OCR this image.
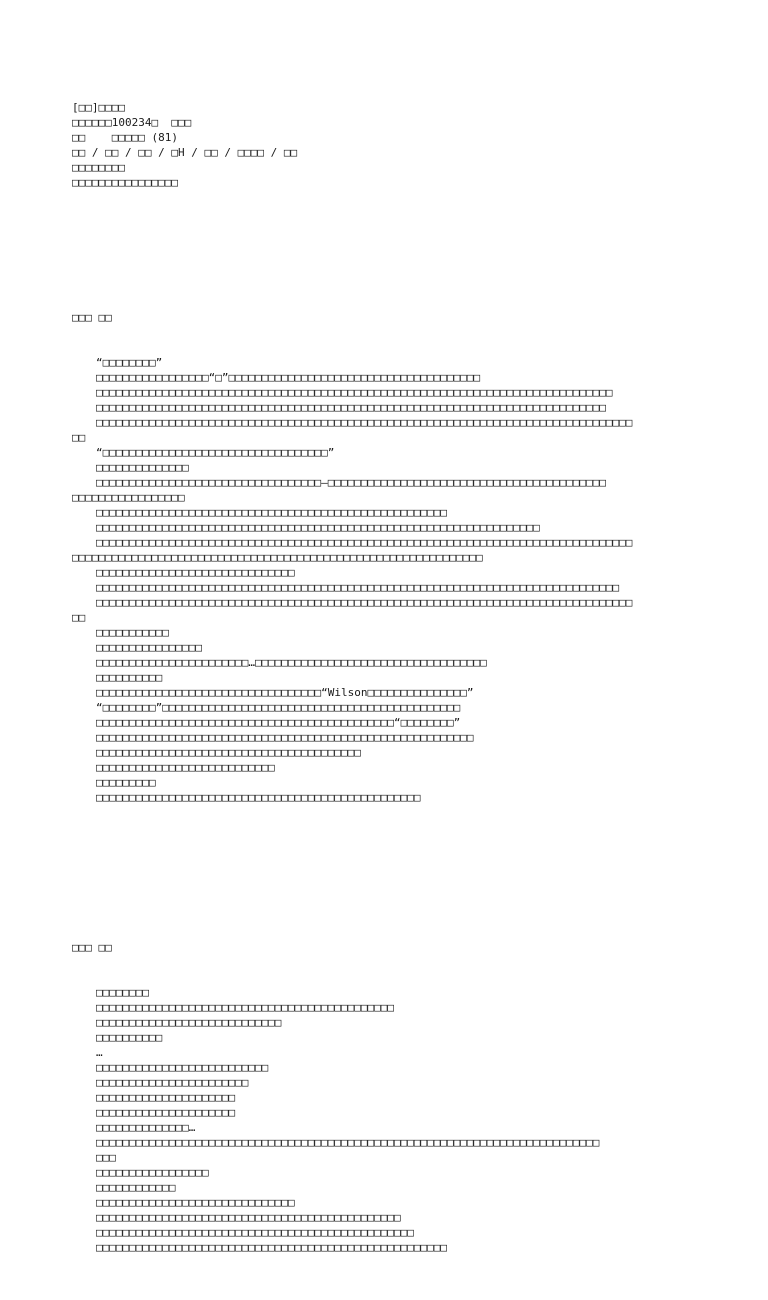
[□□]□□□□
□□□□□□100234□  □□□
□□    □□□□□ (81)
□□ / □□ / □□ / □H / □□ / □□□□ / □□
□□□□□□□□
□□□□□□□□□□□□□□□□

□□□ □□

“□□□□□□□□”
□□□□□□□□□□□□□□□□□“□”□□□□□□□□□□□□□□□□□□□□□□□□□□□□□□□□□□□□□□
□□□□□□□□□□□□□□□□□□□□□□□□□□□□□□□□□□□□□□□□□□□□□□□□□□□□□□□□□□□□□□□□□□□□□□□□□□□□□□
□□□□□□□□□□□□□□□□□□□□□□□□□□□□□□□□□□□□□□□□□□□□□□□□□□□□□□□□□□□□□□□□□□□□□□□□□□□□□
□□□□□□□□□□□□□□□□□□□□□□□□□□□□□□□□□□□□□□□□□□□□□□□□□□□□□□□□□□□□□□□□□□□□□□□□□□□□□□□□□
□□
“□□□□□□□□□□□□□□□□□□□□□□□□□□□□□□□□□□”
□□□□□□□□□□□□□□
□□□□□□□□□□□□□□□□□□□□□□□□□□□□□□□□□□—□□□□□□□□□□□□□□□□□□□□□□□□□□□□□□□□□□□□□□□□□□
□□□□□□□□□□□□□□□□□
□□□□□□□□□□□□□□□□□□□□□□□□□□□□□□□□□□□□□□□□□□□□□□□□□□□□□
□□□□□□□□□□□□□□□□□□□□□□□□□□□□□□□□□□□□□□□□□□□□□□□□□□□□□□□□□□□□□□□□□□□
□□□□□□□□□□□□□□□□□□□□□□□□□□□□□□□□□□□□□□□□□□□□□□□□□□□□□□□□□□□□□□□□□□□□□□□□□□□□□□□□□
□□□□□□□□□□□□□□□□□□□□□□□□□□□□□□□□□□□□□□□□□□□□□□□□□□□□□□□□□□□□□□
□□□□□□□□□□□□□□□□□□□□□□□□□□□□□□
□□□□□□□□□□□□□□□□□□□□□□□□□□□□□□□□□□□□□□□□□□□□□□□□□□□□□□□□□□□□□□□□□□□□□□□□□□□□□□□
□□□□□□□□□□□□□□□□□□□□□□□□□□□□□□□□□□□□□□□□□□□□□□□□□□□□□□□□□□□□□□□□□□□□□□□□□□□□□□□□□
□□
□□□□□□□□□□□
□□□□□□□□□□□□□□□□
□□□□□□□□□□□□□□□□□□□□□□□…□□□□□□□□□□□□□□□□□□□□□□□□□□□□□□□□□□□
□□□□□□□□□□
□□□□□□□□□□□□□□□□□□□□□□□□□□□□□□□□□□“Wilson□□□□□□□□□□□□□□□”
“□□□□□□□□”□□□□□□□□□□□□□□□□□□□□□□□□□□□□□□□□□□□□□□□□□□□□□
□□□□□□□□□□□□□□□□□□□□□□□□□□□□□□□□□□□□□□□□□□□□□“□□□□□□□□”
□□□□□□□□□□□□□□□□□□□□□□□□□□□□□□□□□□□□□□□□□□□□□□□□□□□□□□□□□
□□□□□□□□□□□□□□□□□□□□□□□□□□□□□□□□□□□□□□□□
□□□□□□□□□□□□□□□□□□□□□□□□□□□
□□□□□□□□□
□□□□□□□□□□□□□□□□□□□□□□□□□□□□□□□□□□□□□□□□□□□□□□□□□

□□□ □□

□□□□□□□□
□□□□□□□□□□□□□□□□□□□□□□□□□□□□□□□□□□□□□□□□□□□□□
□□□□□□□□□□□□□□□□□□□□□□□□□□□□
□□□□□□□□□□
…
□□□□□□□□□□□□□□□□□□□□□□□□□□
□□□□□□□□□□□□□□□□□□□□□□□
□□□□□□□□□□□□□□□□□□□□□
□□□□□□□□□□□□□□□□□□□□□
□□□□□□□□□□□□□□…
□□□□□□□□□□□□□□□□□□□□□□□□□□□□□□□□□□□□□□□□□□□□□□□□□□□□□□□□□□□□□□□□□□□□□□□□□□□□
□□□
□□□□□□□□□□□□□□□□□
□□□□□□□□□□□□
□□□□□□□□□□□□□□□□□□□□□□□□□□□□□□
□□□□□□□□□□□□□□□□□□□□□□□□□□□□□□□□□□□□□□□□□□□□□□
□□□□□□□□□□□□□□□□□□□□□□□□□□□□□□□□□□□□□□□□□□□□□□□□
□□□□□□□□□□□□□□□□□□□□□□□□□□□□□□□□□□□□□□□□□□□□□□□□□□□□□
